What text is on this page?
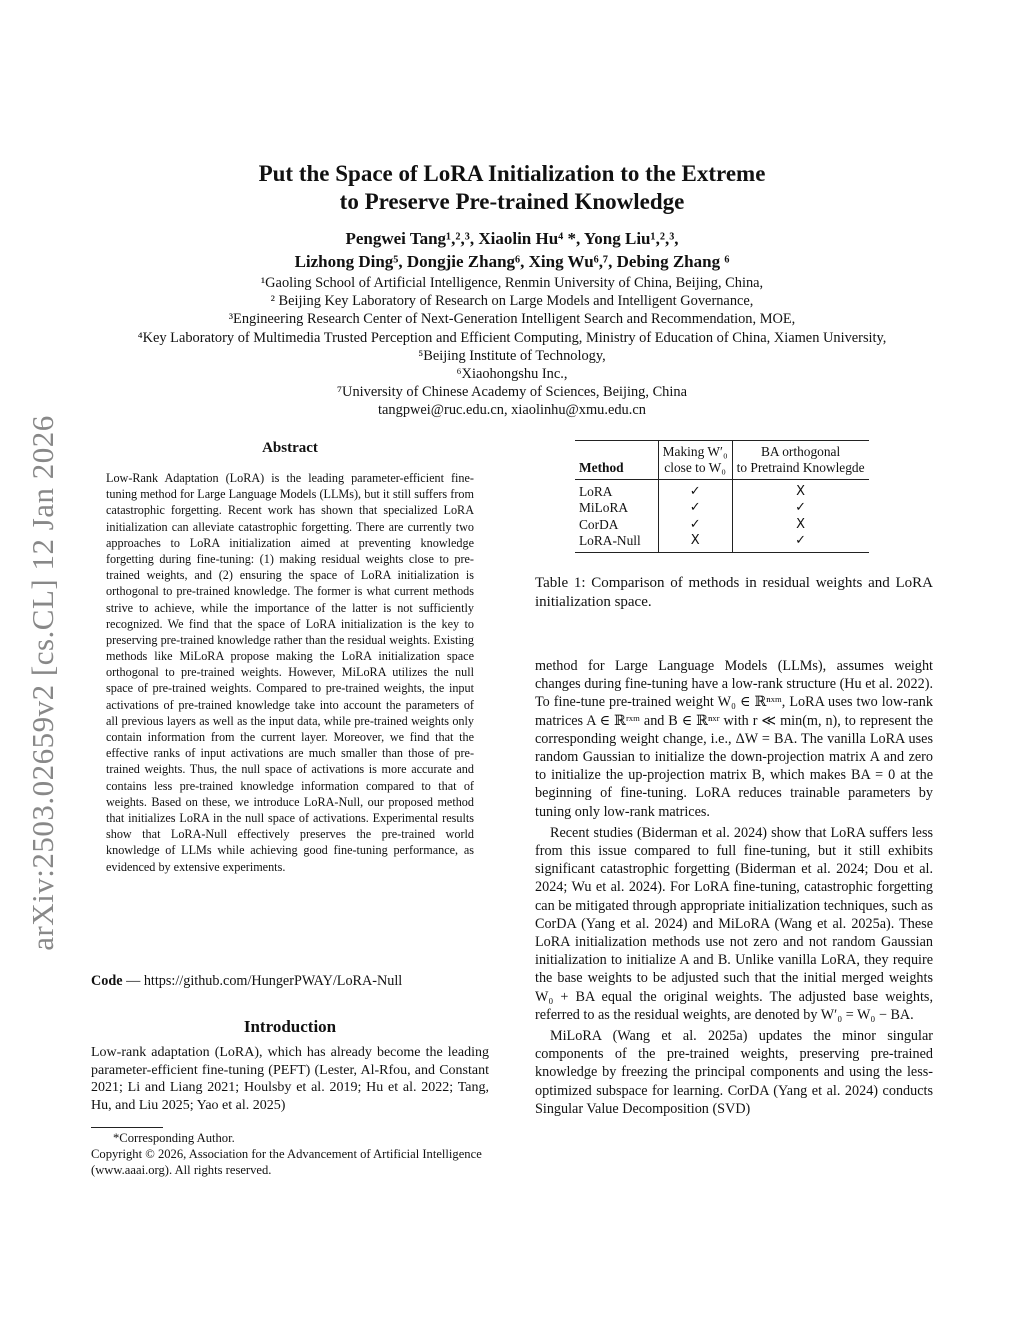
arXiv:2503.02659v2 [cs.CL] 12 Jan 2026
Put the Space of LoRA Initialization to the Extreme
to Preserve Pre-trained Knowledge
Pengwei Tang¹,²,³, Xiaolin Hu⁴ *, Yong Liu¹,²,³,
Lizhong Ding⁵, Dongjie Zhang⁶, Xing Wu⁶,⁷, Debing Zhang ⁶
¹Gaoling School of Artificial Intelligence, Renmin University of China, Beijing, China,
² Beijing Key Laboratory of Research on Large Models and Intelligent Governance,
³Engineering Research Center of Next-Generation Intelligent Search and Recommendation, MOE,
⁴Key Laboratory of Multimedia Trusted Perception and Efficient Computing, Ministry of Education of China, Xiamen University,
⁵Beijing Institute of Technology,
⁶Xiaohongshu Inc.,
⁷University of Chinese Academy of Sciences, Beijing, China
tangpwei@ruc.edu.cn, xiaolinhu@xmu.edu.cn
Abstract

Low-Rank Adaptation (LoRA) is the leading parameter-efficient fine-tuning method for Large Language Models (LLMs), but it still suffers from catastrophic forgetting. Recent work has shown that specialized LoRA initialization can alleviate catastrophic forgetting. There are currently two approaches to LoRA initialization aimed at preventing knowledge forgetting during fine-tuning: (1) making residual weights close to pre-trained weights, and (2) ensuring the space of LoRA initialization is orthogonal to pre-trained knowledge. The former is what current methods strive to achieve, while the importance of the latter is not sufficiently recognized. We find that the space of LoRA initialization is the key to preserving pre-trained knowledge rather than the residual weights. Existing methods like MiLoRA propose making the LoRA initialization space orthogonal to pre-trained weights. However, MiLoRA utilizes the null space of pre-trained weights. Compared to pre-trained weights, the input activations of pre-trained knowledge take into account the parameters of all previous layers as well as the input data, while pre-trained weights only contain information from the current layer. Moreover, we find that the effective ranks of input activations are much smaller than those of pre-trained weights. Thus, the null space of activations is more accurate and contains less pre-trained knowledge information compared to that of weights. Based on these, we introduce LoRA-Null, our proposed method that initializes LoRA in the null space of activations. Experimental results show that LoRA-Null effectively preserves the pre-trained world knowledge of LLMs while achieving good fine-tuning performance, as evidenced by extensive experiments.

Code — https://github.com/HungerPWAY/LoRA-Null
Introduction

Low-rank adaptation (LoRA), which has already become the leading parameter-efficient fine-tuning (PEFT) (Lester, Al-Rfou, and Constant 2021; Li and Liang 2021; Houlsby et al. 2019; Hu et al. 2022; Tang, Hu, and Liu 2025; Yao et al. 2025)

*Corresponding Author.

Copyright © 2026, Association for the Advancement of Artificial Intelligence (www.aaai.org). All rights reserved.

	Making W′₀	BA orthogonal
Method	close to W₀	to Pretraind Knowlegde
LoRA	✓	X
MiLoRA	✓	✓
CorDA	✓	X
LoRA-Null	X	✓
Table 1: Comparison of methods in residual weights and LoRA initialization space.

method for Large Language Models (LLMs), assumes weight changes during fine-tuning have a low-rank structure (Hu et al. 2022). To fine-tune pre-trained weight W₀ ∈ ℝⁿˣᵐ, LoRA uses two low-rank matrices A ∈ ℝʳˣᵐ and B ∈ ℝⁿˣʳ with r ≪ min(m, n), to represent the corresponding weight change, i.e., ΔW = BA. The vanilla LoRA uses random Gaussian to initialize the down-projection matrix A and zero to initialize the up-projection matrix B, which makes BA = 0 at the beginning of fine-tuning. LoRA reduces trainable parameters by tuning only low-rank matrices.

Recent studies (Biderman et al. 2024) show that LoRA suffers less from this issue compared to full fine-tuning, but it still exhibits significant catastrophic forgetting (Biderman et al. 2024; Dou et al. 2024; Wu et al. 2024). For LoRA fine-tuning, catastrophic forgetting can be mitigated through appropriate initialization techniques, such as CorDA (Yang et al. 2024) and MiLoRA (Wang et al. 2025a). These LoRA initialization methods use not zero and not random Gaussian initialization to initialize A and B. Unlike vanilla LoRA, they require the base weights to be adjusted such that the initial merged weights W₀ + BA equal the original weights. The adjusted base weights, referred to as the residual weights, are denoted by W′₀ = W₀ − BA.

MiLoRA (Wang et al. 2025a) updates the minor singular components of the pre-trained weights, preserving pre-trained knowledge by freezing the principal components and using the less-optimized subspace for learning. CorDA (Yang et al. 2024) conducts Singular Value Decomposition (SVD)
